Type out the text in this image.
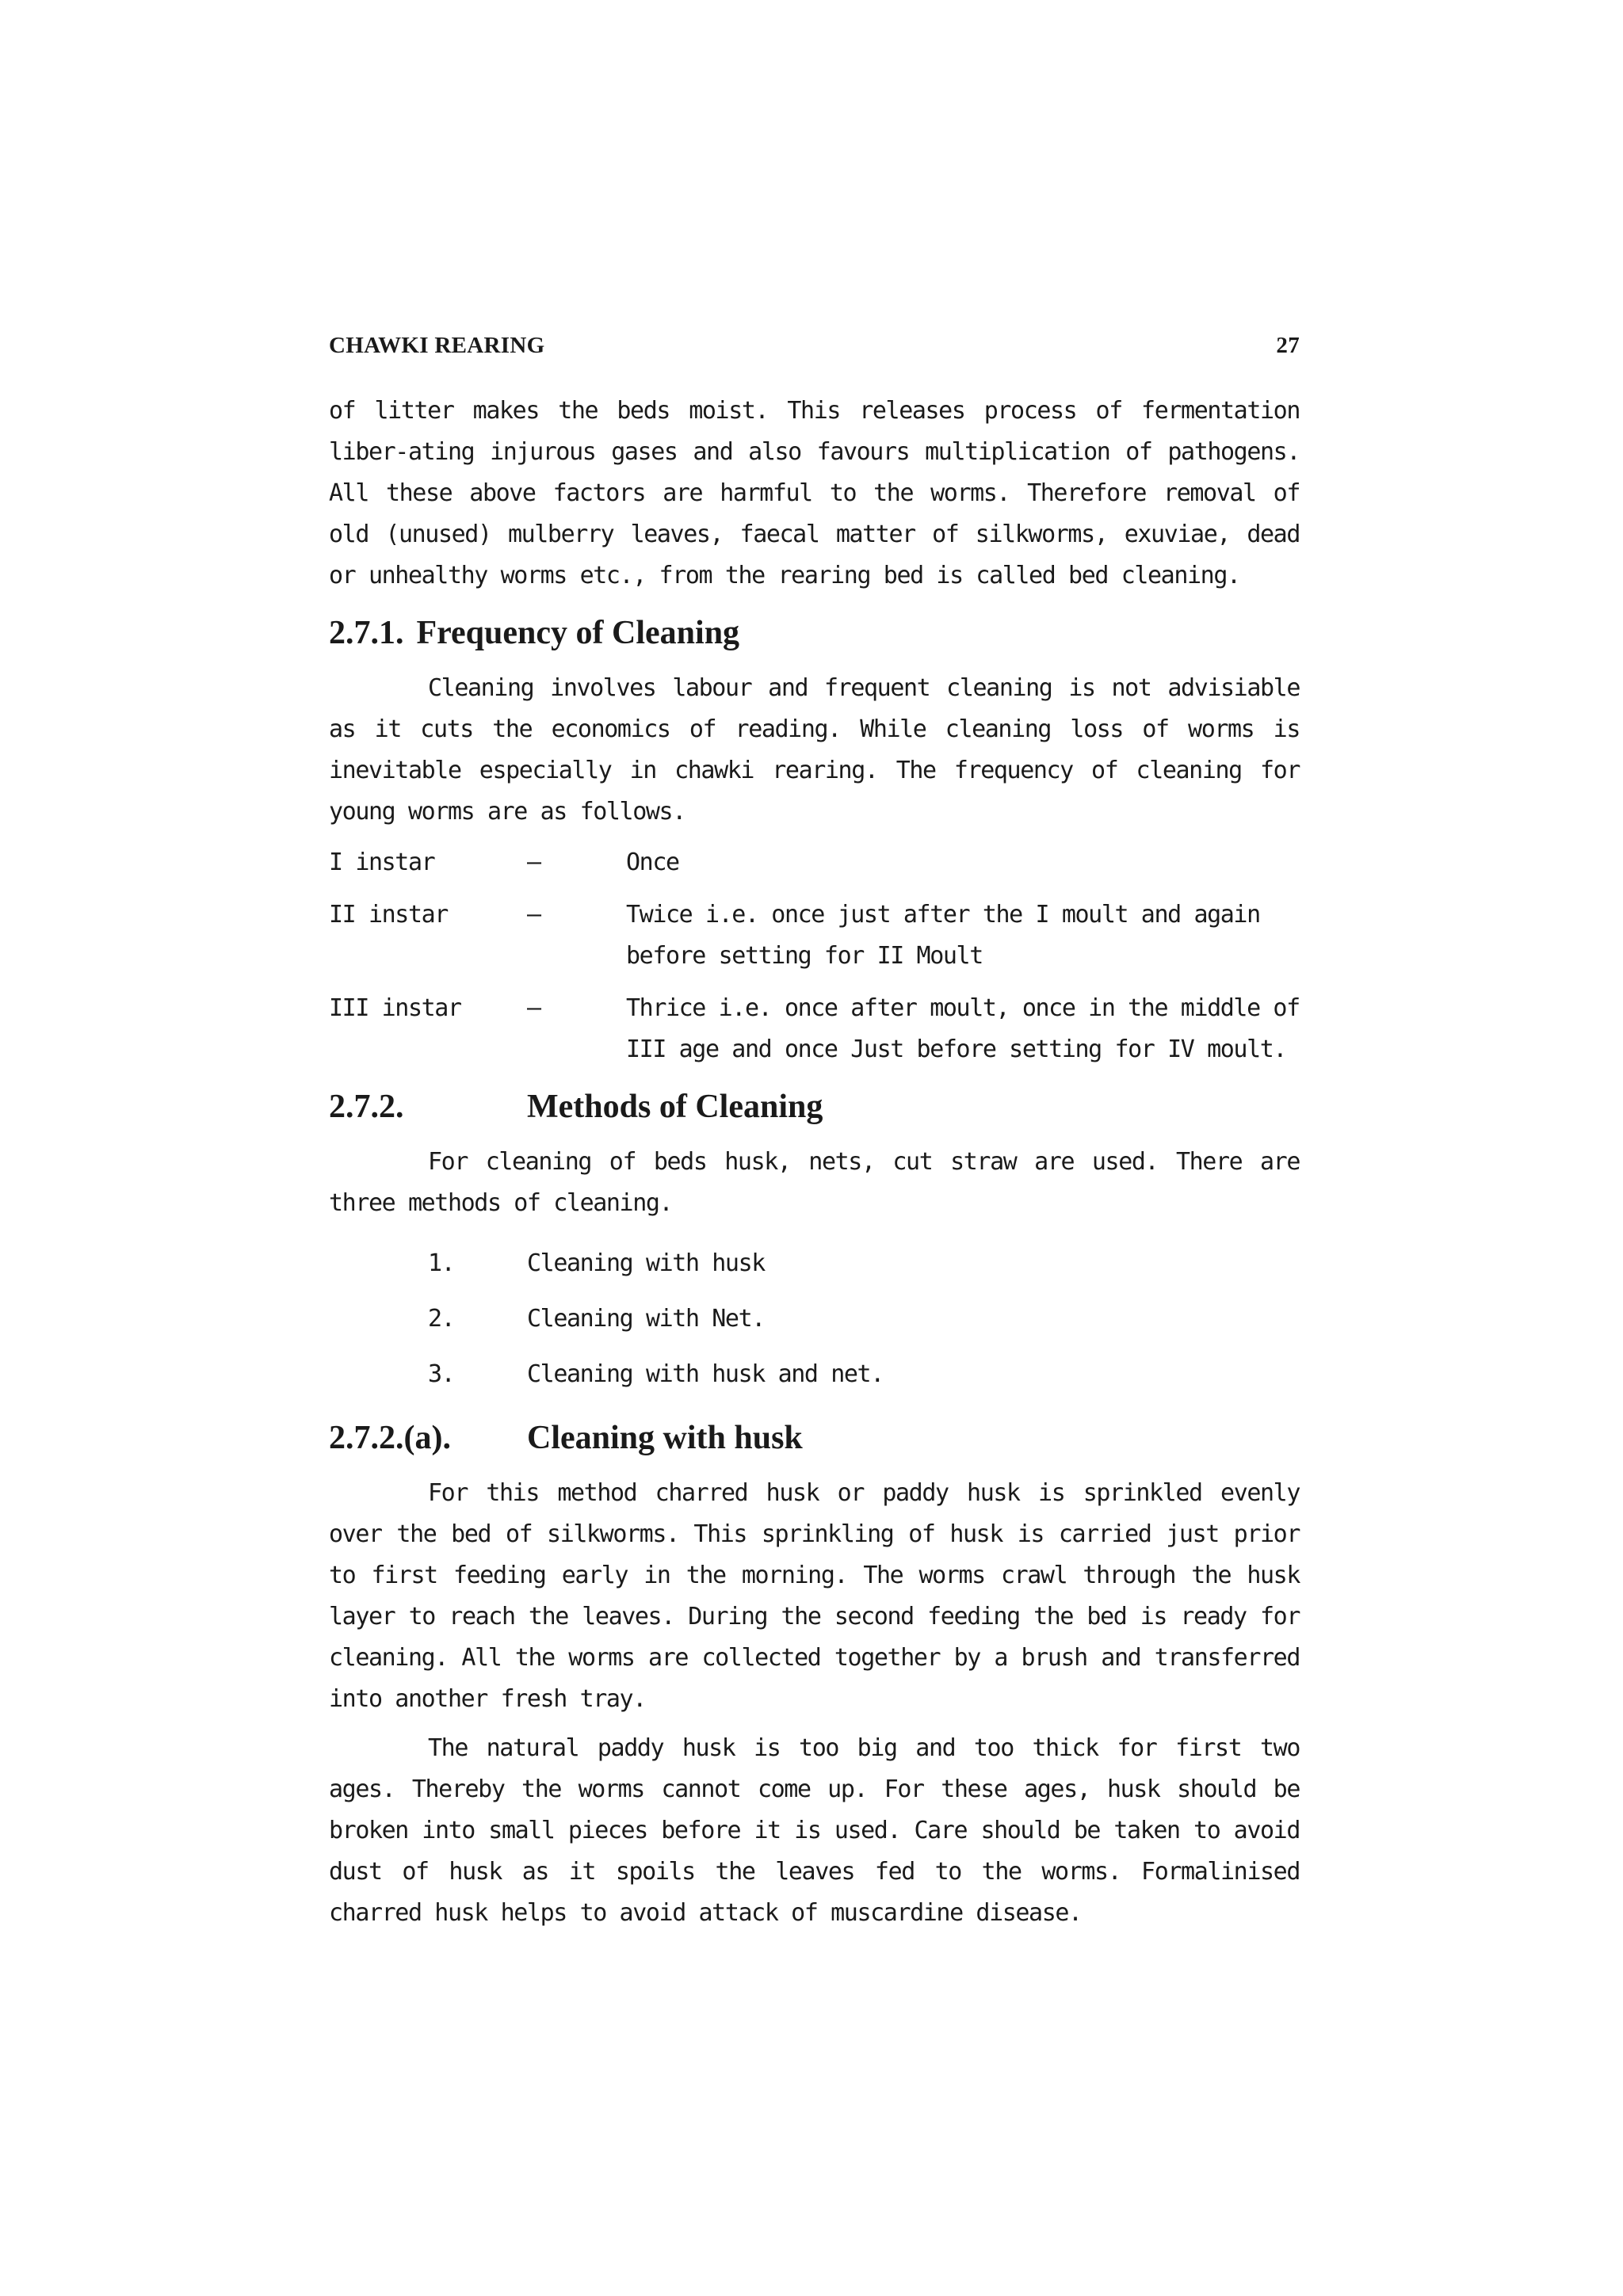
CHAWKI REARING	27

of litter makes the beds moist. This releases process of fermentation liber-ating injurous gases and also favours multiplication of pathogens. All these above factors are harmful to the worms. Therefore removal of old (unused) mulberry leaves, faecal matter of silkworms, exuviae, dead or unhealthy worms etc., from the rearing bed is called bed cleaning.

2.7.1. Frequency of Cleaning

Cleaning involves labour and frequent cleaning is not advisiable as it cuts the economics of reading. While cleaning loss of worms is inevitable especially in chawki rearing. The frequency of cleaning for young worms are as follows.

I instar	—	Once
II instar	—	Twice i.e. once just after the I moult and again before setting for II Moult
III instar	—	Thrice i.e. once after moult, once in the middle of III age and once Just before setting for IV moult.
2.7.2.	Methods of Cleaning

For cleaning of beds husk, nets, cut straw are used. There are three methods of cleaning.

1.	Cleaning with husk
2.	Cleaning with Net.
3.	Cleaning with husk and net.
2.7.2.(a).	Cleaning with husk

For this method charred husk or paddy husk is sprinkled evenly over the bed of silkworms. This sprinkling of husk is carried just prior to first feeding early in the morning. The worms crawl through the husk layer to reach the leaves. During the second feeding the bed is ready for cleaning. All the worms are collected together by a brush and transferred into another fresh tray.

The natural paddy husk is too big and too thick for first two ages. Thereby the worms cannot come up. For these ages, husk should be broken into small pieces before it is used. Care should be taken to avoid dust of husk as it spoils the leaves fed to the worms. Formalinised charred husk helps to avoid attack of muscardine disease.
